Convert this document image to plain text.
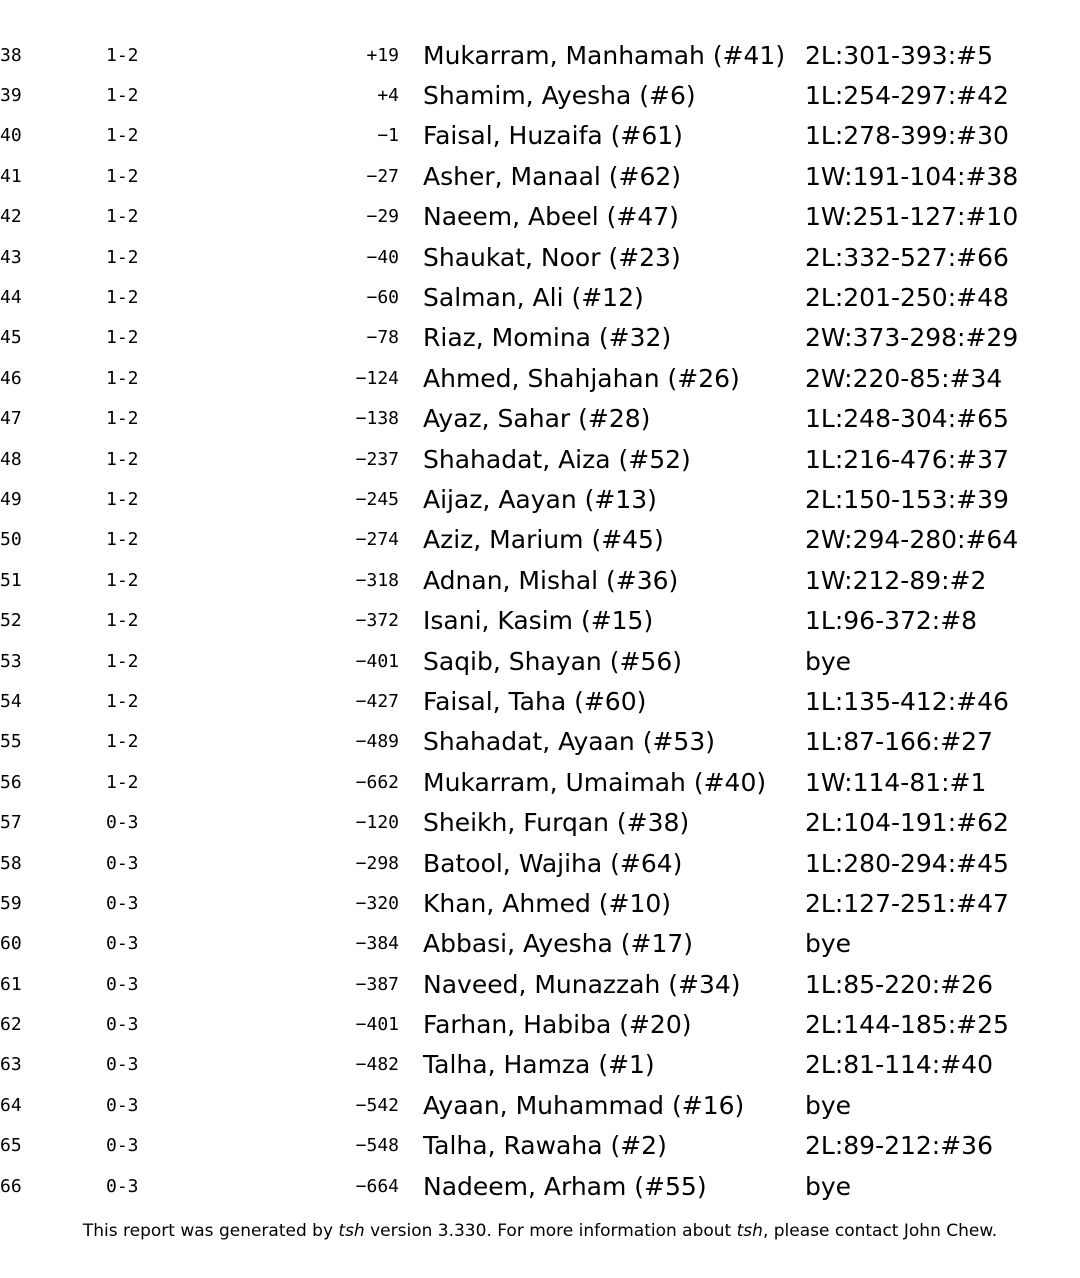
38	1-2	+19		Mukarram, Manhamah (#41)	2L:301-393:#5
39	1-2	+4		Shamim, Ayesha (#6)	1L:254-297:#42
40	1-2	−1		Faisal, Huzaifa (#61)	1L:278-399:#30
41	1-2	−27		Asher, Manaal (#62)	1W:191-104:#38
42	1-2	−29		Naeem, Abeel (#47)	1W:251-127:#10
43	1-2	−40		Shaukat, Noor (#23)	2L:332-527:#66
44	1-2	−60		Salman, Ali (#12)	2L:201-250:#48
45	1-2	−78		Riaz, Momina (#32)	2W:373-298:#29
46	1-2	−124		Ahmed, Shahjahan (#26)	2W:220-85:#34
47	1-2	−138		Ayaz, Sahar (#28)	1L:248-304:#65
48	1-2	−237		Shahadat, Aiza (#52)	1L:216-476:#37
49	1-2	−245		Aijaz, Aayan (#13)	2L:150-153:#39
50	1-2	−274		Aziz, Marium (#45)	2W:294-280:#64
51	1-2	−318		Adnan, Mishal (#36)	1W:212-89:#2
52	1-2	−372		Isani, Kasim (#15)	1L:96-372:#8
53	1-2	−401		Saqib, Shayan (#56)	bye
54	1-2	−427		Faisal, Taha (#60)	1L:135-412:#46
55	1-2	−489		Shahadat, Ayaan (#53)	1L:87-166:#27
56	1-2	−662		Mukarram, Umaimah (#40)	1W:114-81:#1
57	0-3	−120		Sheikh, Furqan (#38)	2L:104-191:#62
58	0-3	−298		Batool, Wajiha (#64)	1L:280-294:#45
59	0-3	−320		Khan, Ahmed (#10)	2L:127-251:#47
60	0-3	−384		Abbasi, Ayesha (#17)	bye
61	0-3	−387		Naveed, Munazzah (#34)	1L:85-220:#26
62	0-3	−401		Farhan, Habiba (#20)	2L:144-185:#25
63	0-3	−482		Talha, Hamza (#1)	2L:81-114:#40
64	0-3	−542		Ayaan, Muhammad (#16)	bye
65	0-3	−548		Talha, Rawaha (#2)	2L:89-212:#36
66	0-3	−664		Nadeem, Arham (#55)	bye
This report was generated by tsh version 3.330. For more information about tsh, please contact John Chew.
